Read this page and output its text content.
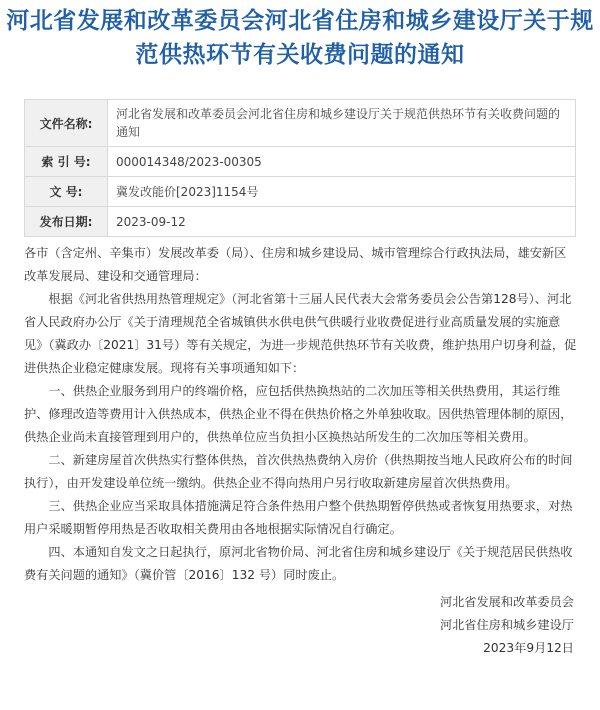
河北省发展和改革委员会河北省住房和城乡建设厅关于规范供热环节有关收费问题的通知
文件名称:	河北省发展和改革委员会河北省住房和城乡建设厅关于规范供热环节有关收费问题的通知
索 引 号:	000014348/2023-00305
文 号:	冀发改能价[2023]1154号
发布日期:	2023-09-12

各市（含定州、辛集市）发展改革委（局）、住房和城乡建设局、城市管理综合行政执法局，雄安新区改革发展局、建设和交通管理局：

根据《河北省供热用热管理规定》（河北省第十三届人民代表大会常务委员会公告第128号）、河北省人民政府办公厅《关于清理规范全省城镇供水供电供气供暖行业收费促进行业高质量发展的实施意见》（冀政办〔2021〕31号）等有关规定，为进一步规范供热环节有关收费，维护热用户切身利益，促进供热企业稳定健康发展。现将有关事项通知如下：

一、供热企业服务到用户的终端价格，应包括供热换热站的二次加压等相关供热费用，其运行维护、修理改造等费用计入供热成本，供热企业不得在供热价格之外单独收取。因供热管理体制的原因，供热企业尚未直接管理到用户的，供热单位应当负担小区换热站所发生的二次加压等相关费用。

二、新建房屋首次供热实行整体供热，首次供热热费纳入房价（供热期按当地人民政府公布的时间执行），由开发建设单位统一缴纳。供热企业不得向热用户另行收取新建房屋首次供热费用。

三、供热企业应当采取具体措施满足符合条件热用户整个供热期暂停供热或者恢复用热要求，对热用户采暖期暂停用热是否收取相关费用由各地根据实际情况自行确定。

四、本通知自发文之日起执行，原河北省物价局、河北省住房和城乡建设厅《关于规范居民供热收费有关问题的通知》（冀价管〔2016〕132 号）同时废止。

河北省发展和改革委员会

河北省住房和城乡建设厅

2023年9月12日
